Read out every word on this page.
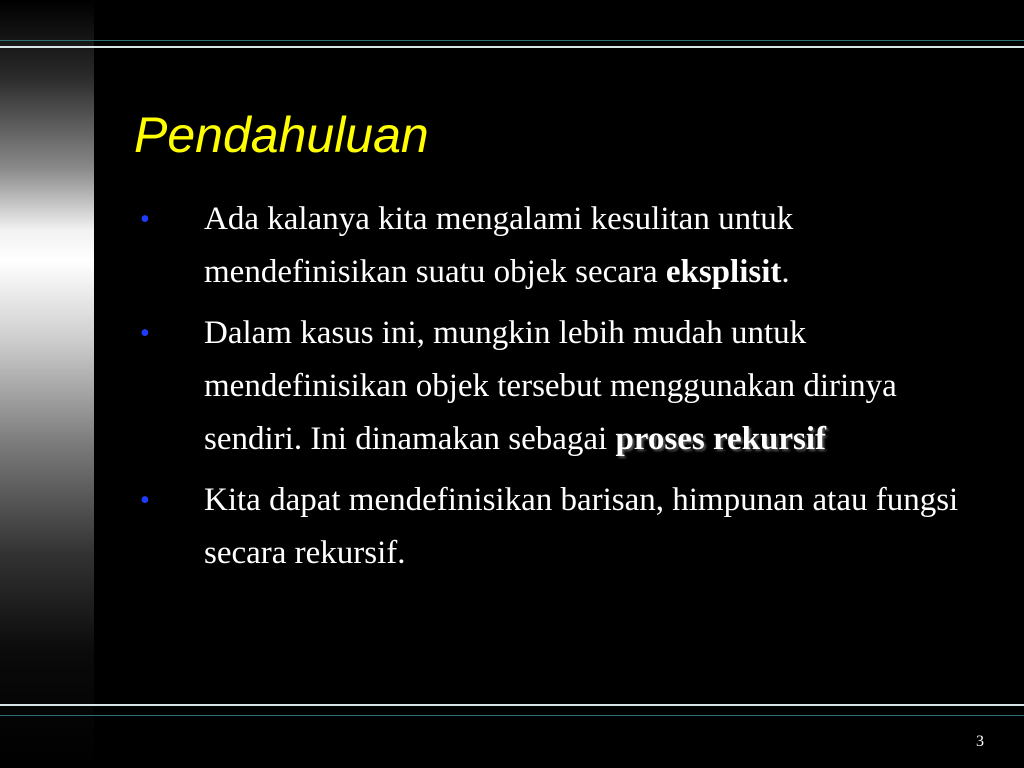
Pendahuluan
• Ada kalanya kita mengalami kesulitan untuk mendefinisikan suatu objek secara eksplisit.
• Dalam kasus ini, mungkin lebih mudah untuk mendefinisikan objek tersebut menggunakan dirinya sendiri. Ini dinamakan sebagai proses rekursif
• Kita dapat mendefinisikan barisan, himpunan atau fungsi secara rekursif.
3
